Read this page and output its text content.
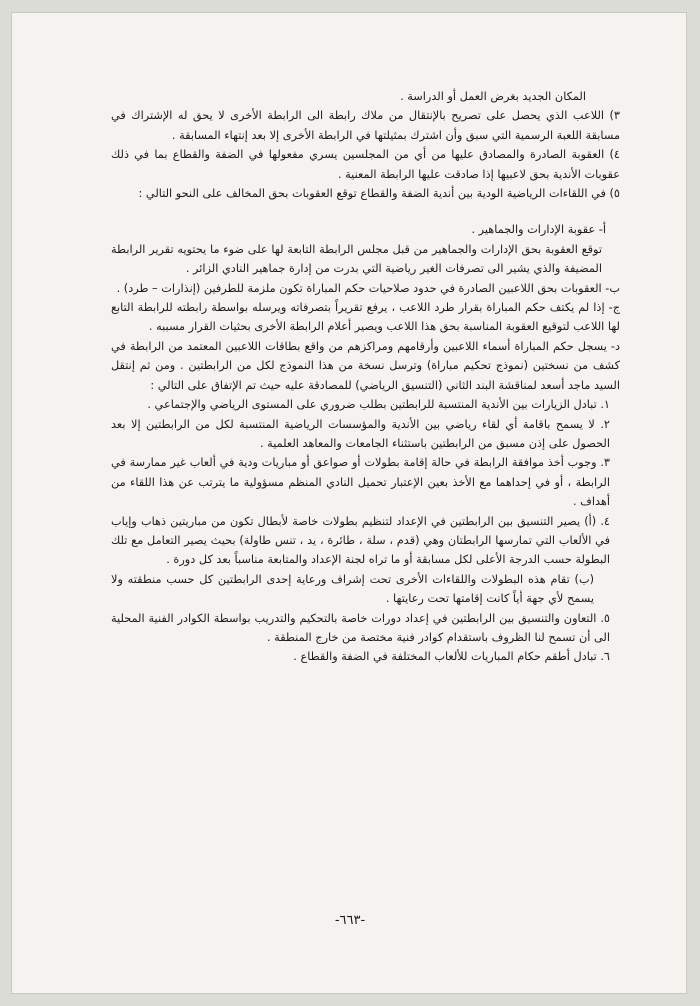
المكان الجديد بغرض العمل أو الدراسة .

٣) اللاعب الذي يحصل على تصريح بالإنتقال من ملاك رابطة الى الرابطة الأخرى لا يحق له الإشتراك في مسابقة اللعبة الرسمية التي سبق وأن اشترك بمثيلتها في الرابطة الأخرى إلا بعد إنتهاء المسابقة .

٤) العقوبة الصادرة والمصادق عليها من أي من المجلسين يسري مفعولها في الضفة والقطاع بما في ذلك عقوبات الأندية بحق لاعبيها إذا صادقت عليها الرابطة المعنية .

٥) في اللقاءات الرياضية الودية بين أندية الضفة والقطاع توقع العقوبات بحق المخالف على النحو التالي :

أ- عقوبة الإدارات والجماهير .

توقع العقوبة بحق الإدارات والجماهير من قبل مجلس الرابطة التابعة لها على ضوء ما يحتويه تقرير الرابطة المضيفة والذي يشير الى تصرفات الغير رياضية التي بدرت من إدارة جماهير النادي الزائر .

ب- العقوبات بحق اللاعبين الصادرة في حدود صلاحيات حكم المباراة تكون ملزمة للطرفين (إنذارات – طرد) .

ج- إذا لم يكتف حكم المباراة بقرار طرد اللاعب ، يرفع تقريراً بتصرفاته ويرسله بواسطة رابطته للرابطة التابع لها اللاعب لتوقيع العقوبة المناسبة بحق هذا اللاعب ويصير أعلام الرابطة الأخرى بحثيات القرار مسببه .

د- يسجل حكم المباراة أسماء اللاعبين وأرقامهم ومراكزهم من واقع بطاقات اللاعبين المعتمد من الرابطة في كشف من نسختين (نموذج تحكيم مباراة) وترسل نسخة من هذا النموذج لكل من الرابطتين . ومن ثم إنتقل السيد ماجد أسعد لمناقشة البند الثاني (التنسيق الرياضي) للمصادقة عليه حيث تم الإتفاق على التالي :

١. تبادل الزيارات بين الأندية المنتسبة للرابطتين بطلب ضروري على المستوى الرياضي والإجتماعي .

٢. لا يسمح باقامة أي لقاء رياضي بين الأندية والمؤسسات الرياضية المنتسبة لكل من الرابطتين إلا بعد الحصول على إذن مسبق من الرابطتين باستثناء الجامعات والمعاهد العلمية .

٣. وجوب أخذ موافقة الرابطة في حالة إقامة بطولات أو صواعق أو مباريات ودية في ألعاب غير ممارسة في الرابطة ، أو في إحداهما مع الأخذ بعين الإعتبار تحميل النادي المنظم مسؤولية ما يترتب عن هذا اللقاء من أهداف .

٤. (أ) يصير التنسيق بين الرابطتين في الإعداد لتنظيم بطولات خاصة لأبطال تكون من مباريتين ذهاب وإياب في الألعاب التي تمارسها الرابطتان وهي (قدم ، سلة ، طائرة ، يد ، تنس طاولة) بحيث يصير التعامل مع تلك البطولة حسب الدرجة الأعلى لكل مسابقة أو ما تراه لجنة الإعداد والمتابعة مناسباً بعد كل دورة .

(ب) تقام هذه البطولات واللقاءات الأخرى تحت إشراف ورعاية إحدى الرابطتين كل حسب منطقته ولا يسمح لأي جهة أياً كانت إقامتها تحت رعايتها .

٥. التعاون والتنسيق بين الرابطتين في إعداد دورات خاصة بالتحكيم والتدريب بواسطة الكوادر الفنية المحلية الى أن تسمح لنا الظروف باستقدام كوادر فنية مختصة من خارج المنطقة .

٦. تبادل أطقم حكام المباريات للألعاب المختلفة في الضفة والقطاع .

-٦٦٣-
